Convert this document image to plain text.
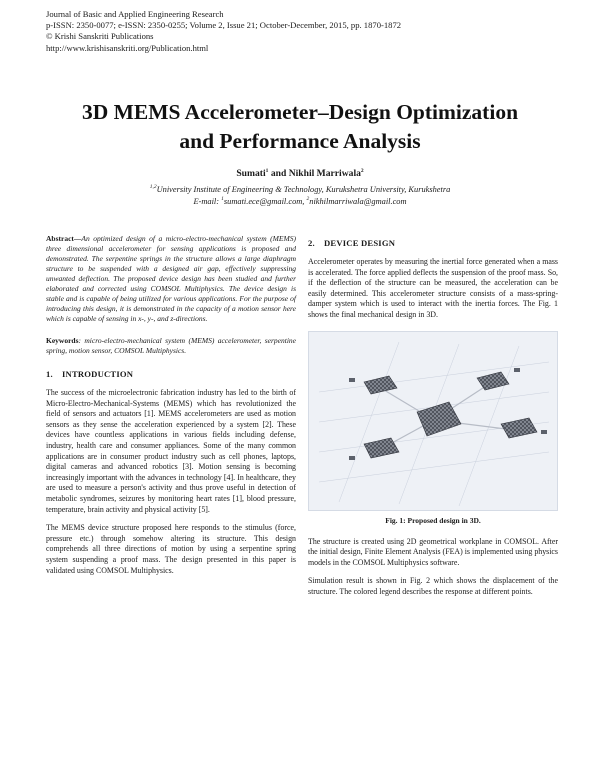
Journal of Basic and Applied Engineering Research
p-ISSN: 2350-0077; e-ISSN: 2350-0255; Volume 2, Issue 21; October-December, 2015, pp. 1870-1872
© Krishi Sanskriti Publications
http://www.krishisanskriti.org/Publication.html
3D MEMS Accelerometer–Design Optimization
and Performance Analysis
Sumati$^1$ and Nikhil Marriwala$^2$
$^{1,2}$University Institute of Engineering & Technology, Kurukshetra University, Kurukshetra
E-mail: $^1$sumati.ece@gmail.com, $^2$nikhilmarriwala@gmail.com
Abstract—An optimized design of a micro-electro-mechanical system (MEMS) three dimensional accelerometer for sensing applications is proposed and demonstrated. The serpentine springs in the structure allows a large diaphragm structure to be suspended with a designed air gap, effectively suppressing unwanted deflection. The proposed device design has been studied and further elaborated and corrected using COMSOL Multiphysics. The device design is stable and is capable of being utilized for various applications. For the purpose of introducing this design, it is demonstrated in the capacity of a motion sensor here which is capable of sensing in x-, y-, and z-directions.
Keywords: micro-electro-mechanical system (MEMS) accelerometer, serpentine spring, motion sensor, COMSOL Multiphysics.
1. INTRODUCTION
The success of the microelectronic fabrication industry has led to the birth of Micro-Electro-Mechanical-Systems (MEMS) which has revolutionized the field of sensors and actuators [1]. MEMS accelerometers are used as motion sensors as they sense the acceleration experienced by a system [2]. These devices have countless applications in various fields including defense, industry, health care and consumer appliances. Some of the many common applications are in consumer product industry such as cell phones, laptops, digital cameras and advanced robotics [3]. Motion sensing is becoming increasingly important with the advances in technology [4]. In healthcare, they are used to measure a person's activity and thus prove useful in detection of metabolic syndromes, seizures by monitoring heart rates [1], blood pressure, temperature, brain activity and physical activity [5].
The MEMS device structure proposed here responds to the stimulus (force, pressure etc.) through somehow altering its structure. This design comprehends all three directions of motion by using a serpentine spring system suspending a proof mass. The design presented in this paper is validated using COMSOL Multiphysics.
2. DEVICE DESIGN
Accelerometer operates by measuring the inertial force generated when a mass is accelerated. The force applied deflects the suspension of the proof mass. So, if the deflection of the structure can be measured, the acceleration can be easily determined. This accelerometer structure consists of a mass-spring-damper system which is used to interact with the inertia forces. The Fig. 1 shows the final mechanical design in 3D.
Fig. 1: Proposed design in 3D.
The structure is created using 2D geometrical workplane in COMSOL. After the initial design, Finite Element Analysis (FEA) is implemented using physics models in the COMSOL Multiphysics software.
Simulation result is shown in Fig. 2 which shows the displacement of the structure. The colored legend describes the response at different points.
